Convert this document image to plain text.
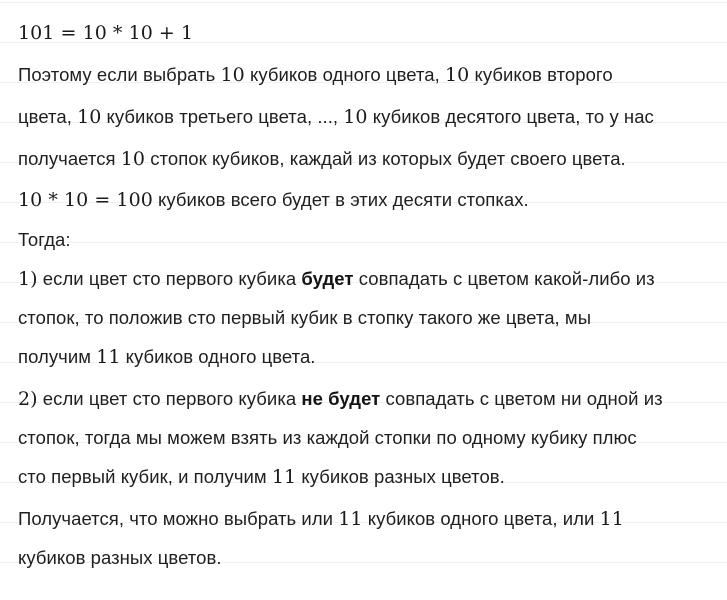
101 = 10 * 10 + 1
Поэтому если выбрать 10 кубиков одного цвета, 10 кубиков второго
цвета, 10 кубиков третьего цвета, ..., 10 кубиков десятого цвета, то у нас
получается 10 стопок кубиков, каждай из которых будет своего цвета.
10 * 10 = 100 кубиков всего будет в этих десяти стопках.
Тогда:
1) если цвет сто первого кубика будет совпадать с цветом какой-либо из
стопок, то положив сто первый кубик в стопку такого же цвета, мы
получим 11 кубиков одного цвета.
2) если цвет сто первого кубика не будет совпадать с цветом ни одной из
стопок, тогда мы можем взять из каждой стопки по одному кубику плюс
сто первый кубик, и получим 11 кубиков разных цветов.
Получается, что можно выбрать или 11 кубиков одного цвета, или 11
кубиков разных цветов.
